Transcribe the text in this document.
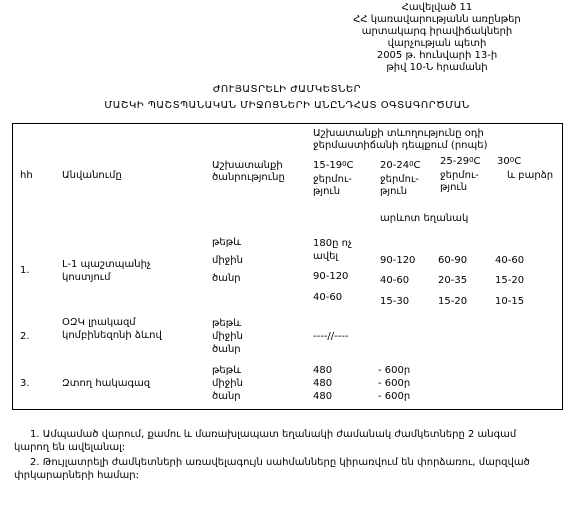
Հավելված 11
ՀՀ կառավարությանն առընթեր
արտակարգ իրավիճակների
վարչության պետի
2005 թ. հունվարի 13-ի
թիվ 10-Ն հրամանի
ԺՈՒՅԱՏՐԵԼԻ ԺԱՄԿԵՏՆԵՐ
ՄԱՇԿԻ ՊԱՇՏՊԱՆԱԿԱՆ ՄԻՋՈՑՆԵՐԻ ԱՆԸՆԴՀԱՏ ՕԳՏԱԳՈՐԾՄԱՆ
հհ	Անվանումը
Աշխատանքի ծանրությունը
Աշխատանքի տևողությունը օդի ջերմաստիճանի դեպքում (րոպե)
$15-19^0C$
ջերմու-թյուն
$20-24^0C$
ջերմու-թյուն
$25-29^0C$
ջերմու-թյուն
$30^0C$
և բարձր
արևոտ եղանակ
1.
L-1 պաշտպանիչ կոստյում
թեթև
միջին
ծանր
180ը ոչ ավել
90-120
40-60
90-120
40-60
15-30
60-90
20-35
15-20
40-60
15-20
10-15
2.
ՕԶԿ լրակազմ կոմբինեզոնի ձևով
թեթև
միջին
ծանր
----//----
3.	Զտող հակագազ
թեթև
միջին
ծանր
480
480
480
- 600ր
- 600ր
- 600ր

1. Ամպամած վարում, քամու և մառախլապատ եղանակի ժամանակ ժամկետները 2 անգամ կարող են ավելանալ:

2. Թույլատրելի ժամկետների առավելագույն սահմանները կիրառվում են փորձառու, մարզված փրկարարների համար:
